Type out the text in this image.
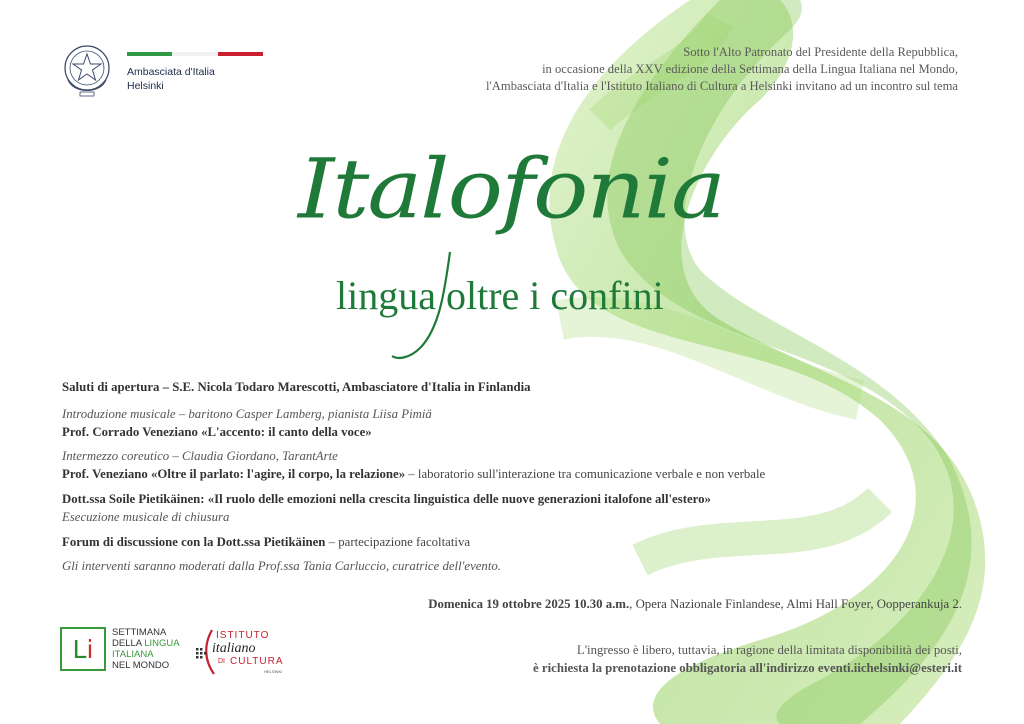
Ambasciata d'Italia
Helsinki
Sotto l'Alto Patronato del Presidente della Repubblica,
in occasione della XXV edizione della Settimana della Lingua Italiana nel Mondo,
l'Ambasciata d'Italia e l'Istituto Italiano di Cultura a Helsinki invitano ad un incontro sul tema
Italofonia
lingua oltre i confini
Saluti di apertura – S.E. Nicola Todaro Marescotti, Ambasciatore d'Italia in Finlandia
Introduzione musicale – baritono Casper Lamberg, pianista Liisa Pimiä
Prof. Corrado Veneziano «L'accento: il canto della voce»
Intermezzo coreutico – Claudia Giordano, TarantArte
Prof. Veneziano «Oltre il parlato: l'agire, il corpo, la relazione» – laboratorio sull'interazione tra comunicazione verbale e non verbale
Dott.ssa Soile Pietikäinen: «Il ruolo delle emozioni nella crescita linguistica delle nuove generazioni italofone all'estero»
Esecuzione musicale di chiusura
Forum di discussione con la Dott.ssa Pietikäinen – partecipazione facoltativa
Gli interventi saranno moderati dalla Prof.ssa Tania Carluccio, curatrice dell'evento.
Domenica 19 ottobre 2025 10.30 a.m., Opera Nazionale Finlandese, Almi Hall Foyer, Oopperankuja 2.
L'ingresso è libero, tuttavia, in ragione della limitata disponibilità dei posti,
è richiesta la prenotazione obbligatoria all'indirizzo eventi.iichelsinki@esteri.it
L i
SETTIMANA
DELLA LINGUA
ITALIANA
NEL MONDO
ISTITUTO
italiano
DI CULTURA
HELSINKI
